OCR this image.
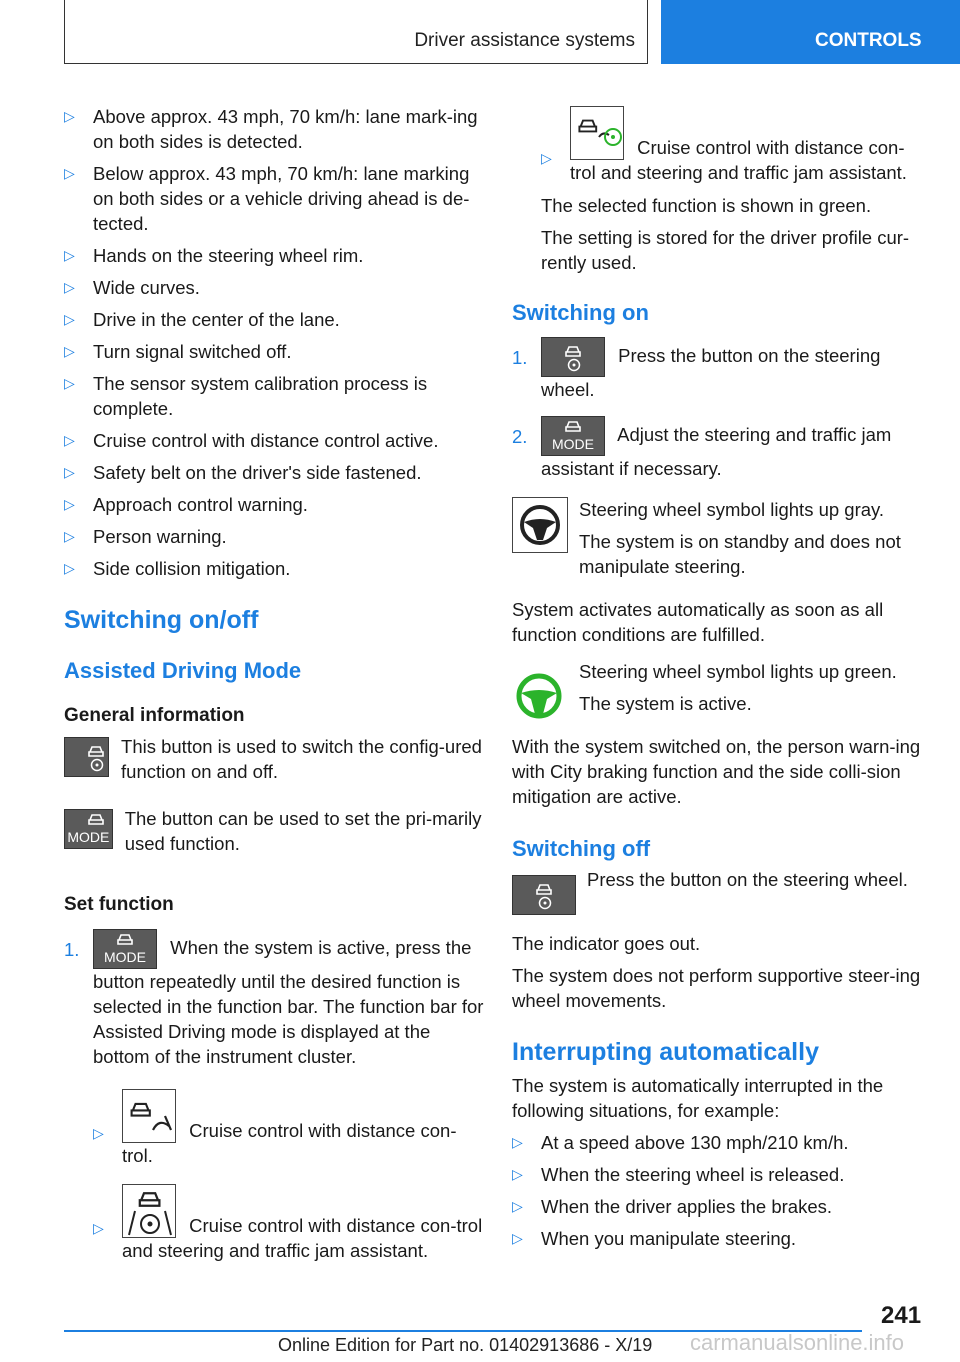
Driver assistance systems	CONTROLS
▷ Above approx. 43 mph, 70 km/h: lane mark-ing on both sides is detected.
▷ Below approx. 43 mph, 70 km/h: lane marking on both sides or a vehicle driving ahead is de-tected.
▷ Hands on the steering wheel rim.
▷ Wide curves.
▷ Drive in the center of the lane.
▷ Turn signal switched off.
▷ The sensor system calibration process is complete.
▷ Cruise control with distance control active.
▷ Safety belt on the driver's side fastened.
▷ Approach control warning.
▷ Person warning.
▷ Side collision mitigation.
Switching on/off
Assisted Driving Mode
General information
This button is used to switch the config-ured function on and off.
MODE
The button can be used to set the pri-marily used function.
Set function
1.	MODE	When the system is active, press the button repeatedly until the desired function is selected in the function bar. The function bar for Assisted Driving mode is displayed at the bottom of the instrument cluster.
▷	Cruise control with distance con-trol.
▷	Cruise control with distance con-trol and steering and traffic jam assistant.
▷	Cruise control with distance con-trol and steering and traffic jam assistant.
The selected function is shown in green.
The setting is stored for the driver profile cur-rently used.
Switching on
1.	Press the button on the steering wheel.
2.	MODE	Adjust the steering and traffic jam assistant if necessary.
Steering wheel symbol lights up gray.
The system is on standby and does not manipulate steering.
System activates automatically as soon as all function conditions are fulfilled.
Steering wheel symbol lights up green.
The system is active.
With the system switched on, the person warn-ing with City braking function and the side colli-sion mitigation are active.
Switching off
Press the button on the steering wheel.
The indicator goes out.
The system does not perform supportive steer-ing wheel movements.
Interrupting automatically
The system is automatically interrupted in the following situations, for example:
▷ At a speed above 130 mph/210 km/h.
▷ When the steering wheel is released.
▷ When the driver applies the brakes.
▷ When you manipulate steering.
241
carmanualsonline.info
Online Edition for Part no. 01402913686 - X/19
